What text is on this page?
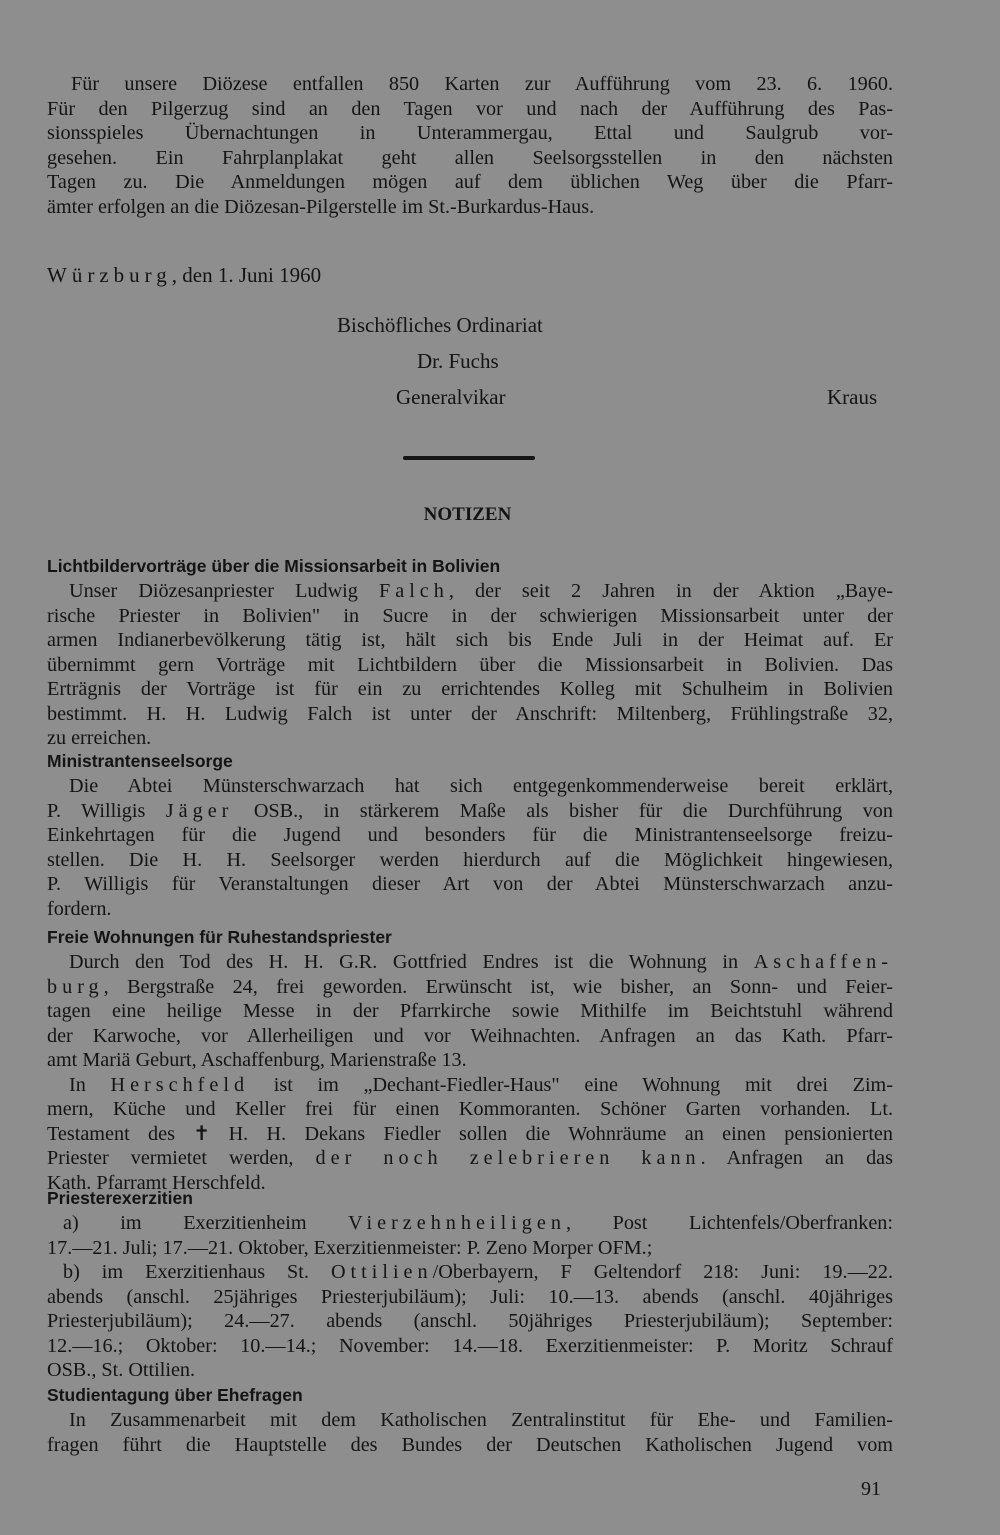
Für unsere Diözese entfallen 850 Karten zur Aufführung vom 23. 6. 1960.
Für den Pilgerzug sind an den Tagen vor und nach der Aufführung des Pas-
sionsspieles Übernachtungen in Unterammergau, Ettal und Saulgrub vor-
gesehen. Ein Fahrplanplakat geht allen Seelsorgsstellen in den nächsten
Tagen zu. Die Anmeldungen mögen auf dem üblichen Weg über die Pfarr-
ämter erfolgen an die Diözesan-Pilgerstelle im St.-Burkardus-Haus.

Würzburg, den 1. Juni 1960
Bischöfliches Ordinariat
Dr. Fuchs
Generalvikar	Kraus
NOTIZEN

Lichtbildervorträge über die Missionsarbeit in Bolivien

Unser Diözesanpriester Ludwig Falch, der seit 2 Jahren in der Aktion „Baye-
rische Priester in Bolivien" in Sucre in der schwierigen Missionsarbeit unter der
armen Indianerbevölkerung tätig ist, hält sich bis Ende Juli in der Heimat auf. Er
übernimmt gern Vorträge mit Lichtbildern über die Missionsarbeit in Bolivien. Das
Erträgnis der Vorträge ist für ein zu errichtendes Kolleg mit Schulheim in Bolivien
bestimmt. H. H. Ludwig Falch ist unter der Anschrift: Miltenberg, Frühlingstraße 32,
zu erreichen.

Ministrantenseelsorge

Die Abtei Münsterschwarzach hat sich entgegenkommenderweise bereit erklärt,
P. Willigis Jäger OSB., in stärkerem Maße als bisher für die Durchführung von
Einkehrtagen für die Jugend und besonders für die Ministrantenseelsorge freizu-
stellen. Die H. H. Seelsorger werden hierdurch auf die Möglichkeit hingewiesen,
P. Willigis für Veranstaltungen dieser Art von der Abtei Münsterschwarzach anzu-
fordern.

Freie Wohnungen für Ruhestandspriester

Durch den Tod des H. H. G.R. Gottfried Endres ist die Wohnung in Aschaffen-
burg, Bergstraße 24, frei geworden. Erwünscht ist, wie bisher, an Sonn- und Feier-
tagen eine heilige Messe in der Pfarrkirche sowie Mithilfe im Beichtstuhl während
der Karwoche, vor Allerheiligen und vor Weihnachten. Anfragen an das Kath. Pfarr-
amt Mariä Geburt, Aschaffenburg, Marienstraße 13.
In Herschfeld ist im „Dechant-Fiedler-Haus" eine Wohnung mit drei Zim-
mern, Küche und Keller frei für einen Kommoranten. Schöner Garten vorhanden. Lt.
Testament des ✝ H. H. Dekans Fiedler sollen die Wohnräume an einen pensionierten
Priester vermietet werden, der noch zelebrieren kann. Anfragen an das
Kath. Pfarramt Herschfeld.

Priesterexerzitien

a) im Exerzitienheim Vierzehnheiligen, Post Lichtenfels/Oberfranken:
17.—21. Juli; 17.—21. Oktober, Exerzitienmeister: P. Zeno Morper OFM.;
b) im Exerzitienhaus St. Ottilien/Oberbayern, F Geltendorf 218: Juni: 19.—22.
abends (anschl. 25jähriges Priesterjubiläum); Juli: 10.—13. abends (anschl. 40jähriges
Priesterjubiläum); 24.—27. abends (anschl. 50jähriges Priesterjubiläum); September:
12.—16.; Oktober: 10.—14.; November: 14.—18. Exerzitienmeister: P. Moritz Schrauf
OSB., St. Ottilien.

Studientagung über Ehefragen

In Zusammenarbeit mit dem Katholischen Zentralinstitut für Ehe- und Familien-
fragen führt die Hauptstelle des Bundes der Deutschen Katholischen Jugend vom

91
